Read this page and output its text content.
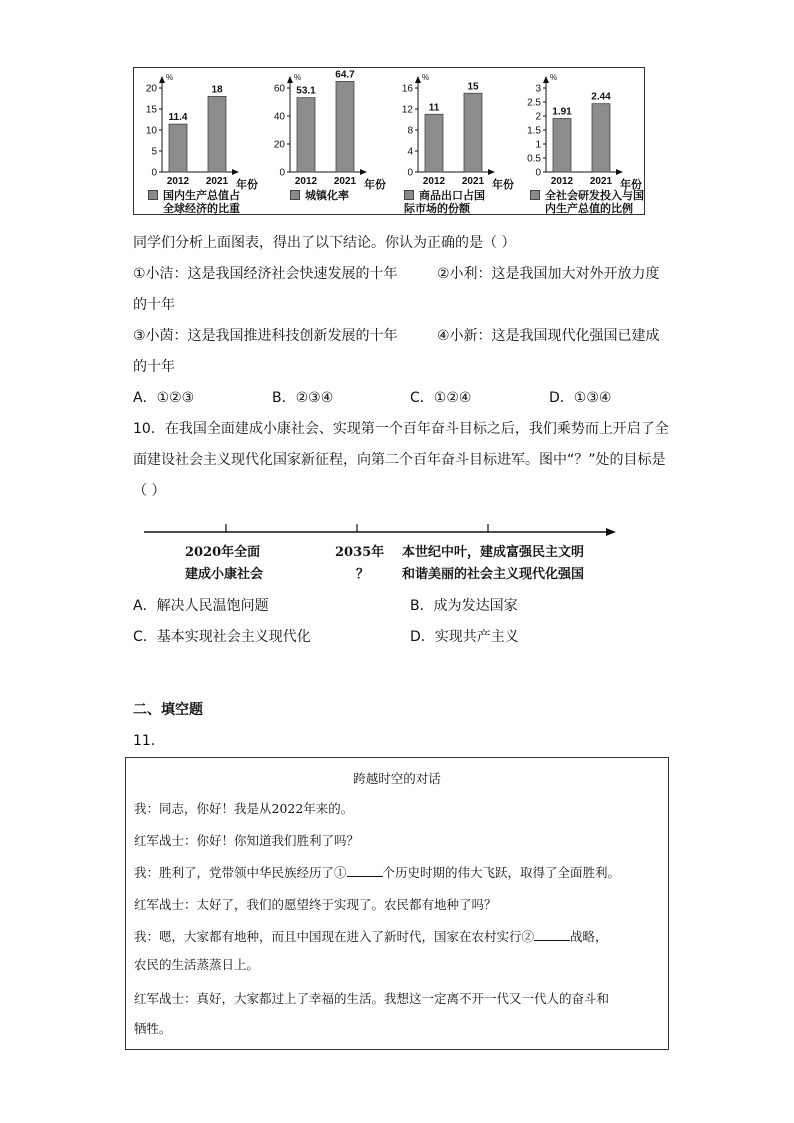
%
0
5
10
15
20
11.4
2012
18
2021 年份
国内生产总值占
全球经济的比重
%
0
20
40
60 53.1
2012
64.7
2021 年份
城镇化率
%
0
4
8
12
16
11
2012
15
2021 年份
商品出口占国
际市场的份额
%
0
0.5
1
1.5
2
2.5
3
1.91
2012
2.44
2021 年份
全社会研发投入与国
内生产总值的比例
同学们分析上面图表，得出了以下结论。你认为正确的是（ ）
①小洁：这是我国经济社会快速发展的十年	②小利：这是我国加大对外开放力度
的十年
③小茵：这是我国推进科技创新发展的十年	④小新：这是我国现代化强国已建成
的十年
A．①②③	B．②③④	C．①②④	D．①③④
10．在我国全面建成小康社会、实现第一个百年奋斗目标之后，我们乘势而上开启了全
面建设社会主义现代化国家新征程，向第二个百年奋斗目标进军。图中“？”处的目标是
（ ）
2020年全面
建成小康社会
2035年
？
本世纪中叶，建成富强民主文明
和谐美丽的社会主义现代化强国
A．解决人民温饱问题	B．成为发达国家
C．基本实现社会主义现代化	D．实现共产主义
二、填空题
11．
跨越时空的对话
我：同志，你好！我是从2022年来的。
红军战士：你好！你知道我们胜利了吗？
我：胜利了，党带领中华民族经历了①	个历史时期的伟大飞跃，取得了全面胜利。
红军战士：太好了，我们的愿望终于实现了。农民都有地种了吗？
我：嗯，大家都有地种，而且中国现在进入了新时代，国家在农村实行②	战略，
农民的生活蒸蒸日上。
红军战士：真好，大家都过上了幸福的生活。我想这一定离不开一代又一代人的奋斗和
牺牲。
